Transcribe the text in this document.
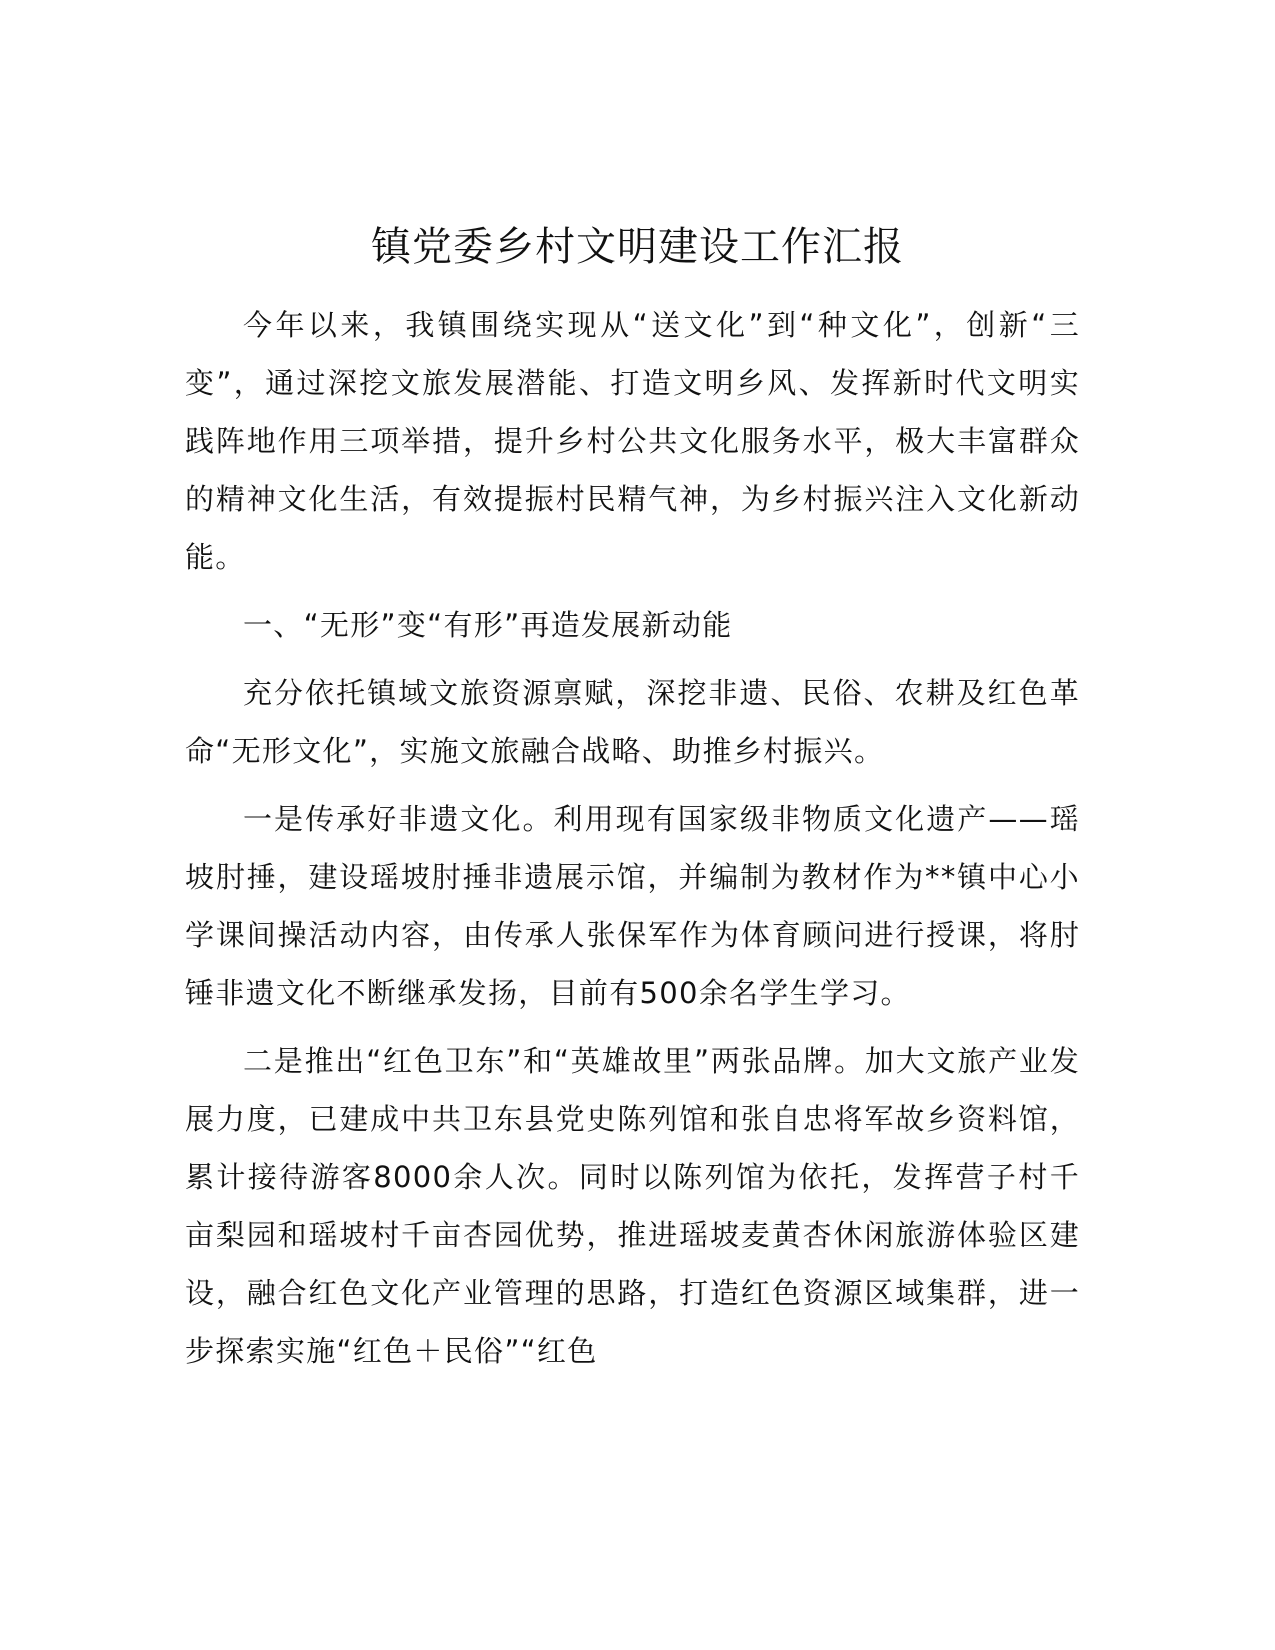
镇党委乡村文明建设工作汇报

今年以来，我镇围绕实现从“送文化”到“种文化”，创新“三变”，通过深挖文旅发展潜能、打造文明乡风、发挥新时代文明实践阵地作用三项举措，提升乡村公共文化服务水平，极大丰富群众的精神文化生活，有效提振村民精气神，为乡村振兴注入文化新动能。

一、“无形”变“有形”再造发展新动能

充分依托镇域文旅资源禀赋，深挖非遗、民俗、农耕及红色革命“无形文化”，实施文旅融合战略、助推乡村振兴。

一是传承好非遗文化。利用现有国家级非物质文化遗产——瑶坡肘捶，建设瑶坡肘捶非遗展示馆，并编制为教材作为**镇中心小学课间操活动内容，由传承人张保军作为体育顾问进行授课，将肘锤非遗文化不断继承发扬，目前有500余名学生学习。

二是推出“红色卫东”和“英雄故里”两张品牌。加大文旅产业发展力度，已建成中共卫东县党史陈列馆和张自忠将军故乡资料馆，累计接待游客8000余人次。同时以陈列馆为依托，发挥营子村千亩梨园和瑶坡村千亩杏园优势，推进瑶坡麦黄杏休闲旅游体验区建设，融合红色文化产业管理的思路，打造红色资源区域集群，进一步探索实施“红色＋民俗”“红色
